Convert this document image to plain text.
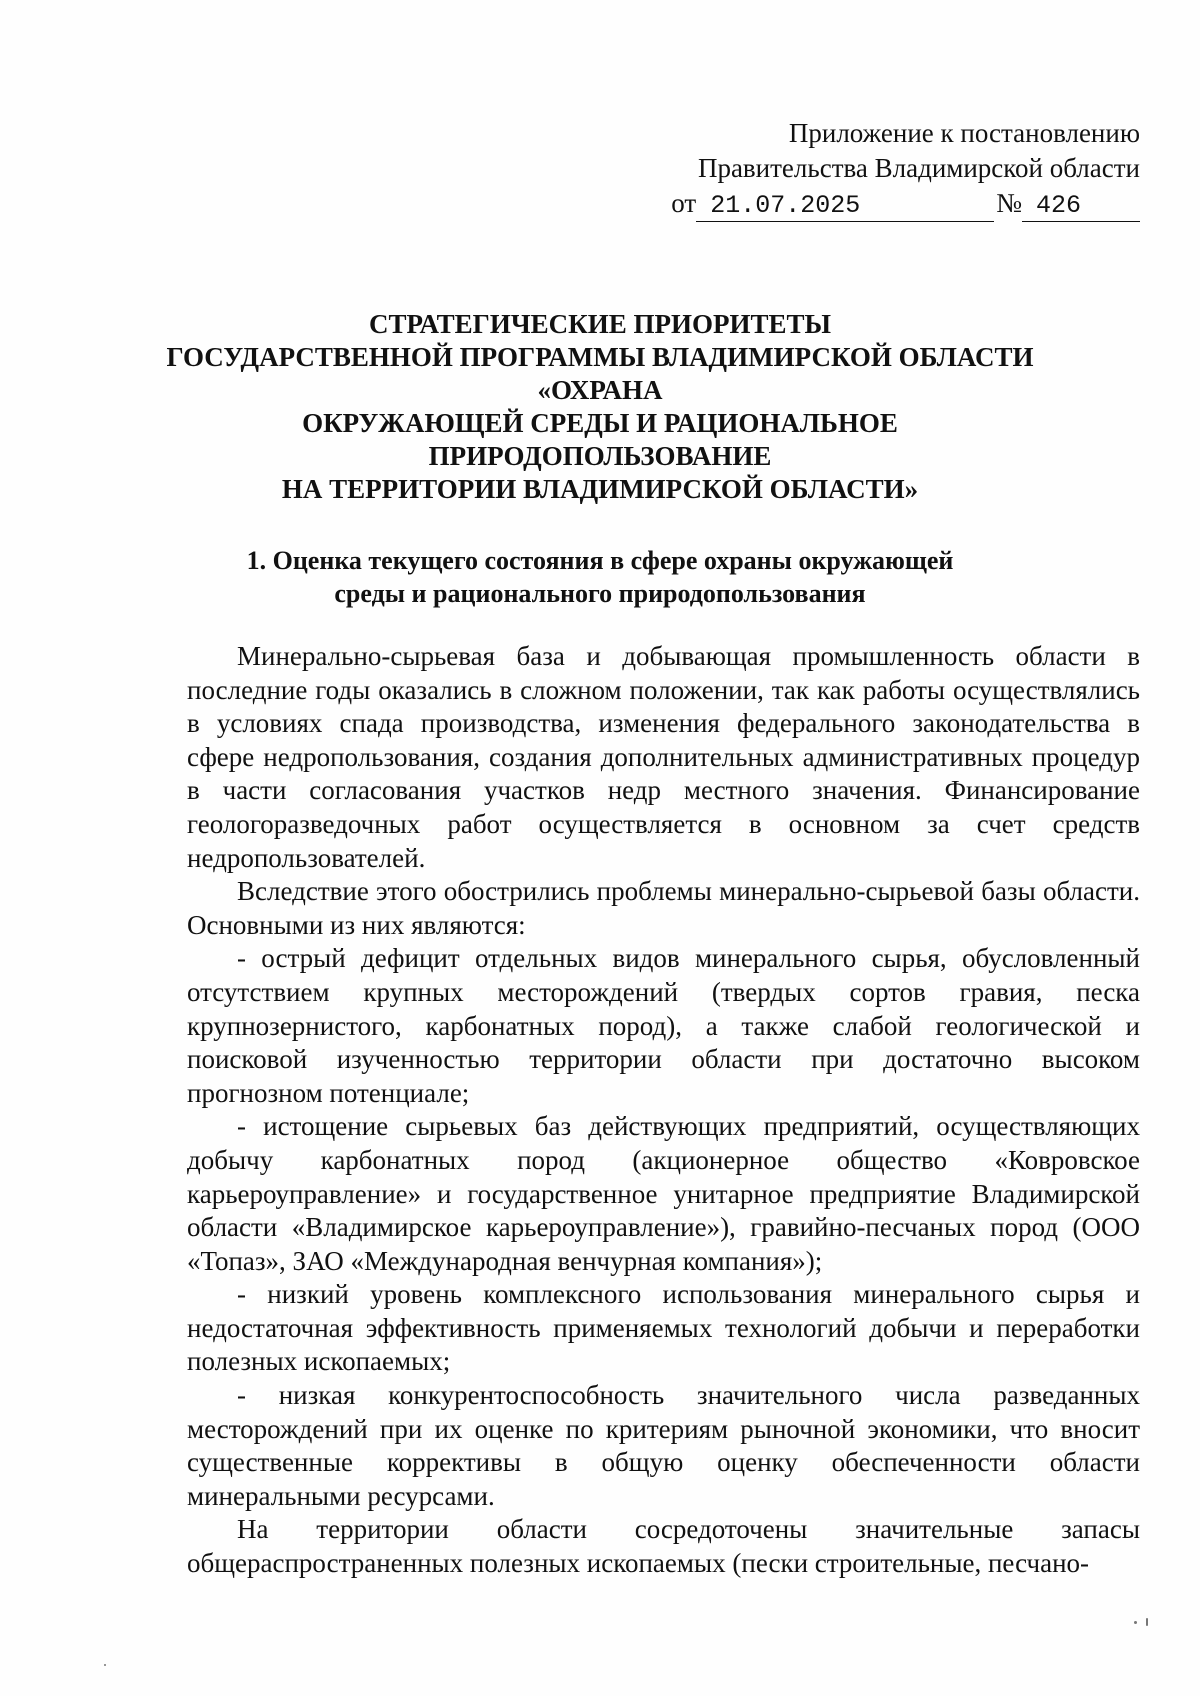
Приложение к постановлению
Правительства Владимирской области
от 21.07.2025	№ 426
СТРАТЕГИЧЕСКИЕ ПРИОРИТЕТЫ
ГОСУДАРСТВЕННОЙ ПРОГРАММЫ ВЛАДИМИРСКОЙ ОБЛАСТИ
«ОХРАНА
ОКРУЖАЮЩЕЙ СРЕДЫ И РАЦИОНАЛЬНОЕ
ПРИРОДОПОЛЬЗОВАНИЕ
НА ТЕРРИТОРИИ ВЛАДИМИРСКОЙ ОБЛАСТИ»
1. Оценка текущего состояния в сфере охраны окружающей
среды и рационального природопользования

Минерально-сырьевая база и добывающая промышленность области в последние годы оказались в сложном положении, так как работы осуществлялись в условиях спада производства, изменения федерального законодательства в сфере недропользования, создания дополнительных административных процедур в части согласования участков недр местного значения. Финансирование геологоразведочных работ осуществляется в основном за счет средств недропользователей.

Вследствие этого обострились проблемы минерально-сырьевой базы области. Основными из них являются:

- острый дефицит отдельных видов минерального сырья, обусловленный отсутствием крупных месторождений (твердых сортов гравия, песка крупнозернистого, карбонатных пород), а также слабой геологической и поисковой изученностью территории области при достаточно высоком прогнозном потенциале;

- истощение сырьевых баз действующих предприятий, осуществляющих добычу карбонатных пород (акционерное общество «Ковровское карьероуправление» и государственное унитарное предприятие Владимирской области «Владимирское карьероуправление»), гравийно-песчаных пород (ООО «Топаз», ЗАО «Международная венчурная компания»);

- низкий уровень комплексного использования минерального сырья и недостаточная эффективность применяемых технологий добычи и переработки полезных ископаемых;

- низкая конкурентоспособность значительного числа разведанных месторождений при их оценке по критериям рыночной экономики, что вносит существенные коррективы в общую оценку обеспеченности области минеральными ресурсами.

На территории области сосредоточены значительные запасы общераспространенных полезных ископаемых (пески строительные, песчано-
